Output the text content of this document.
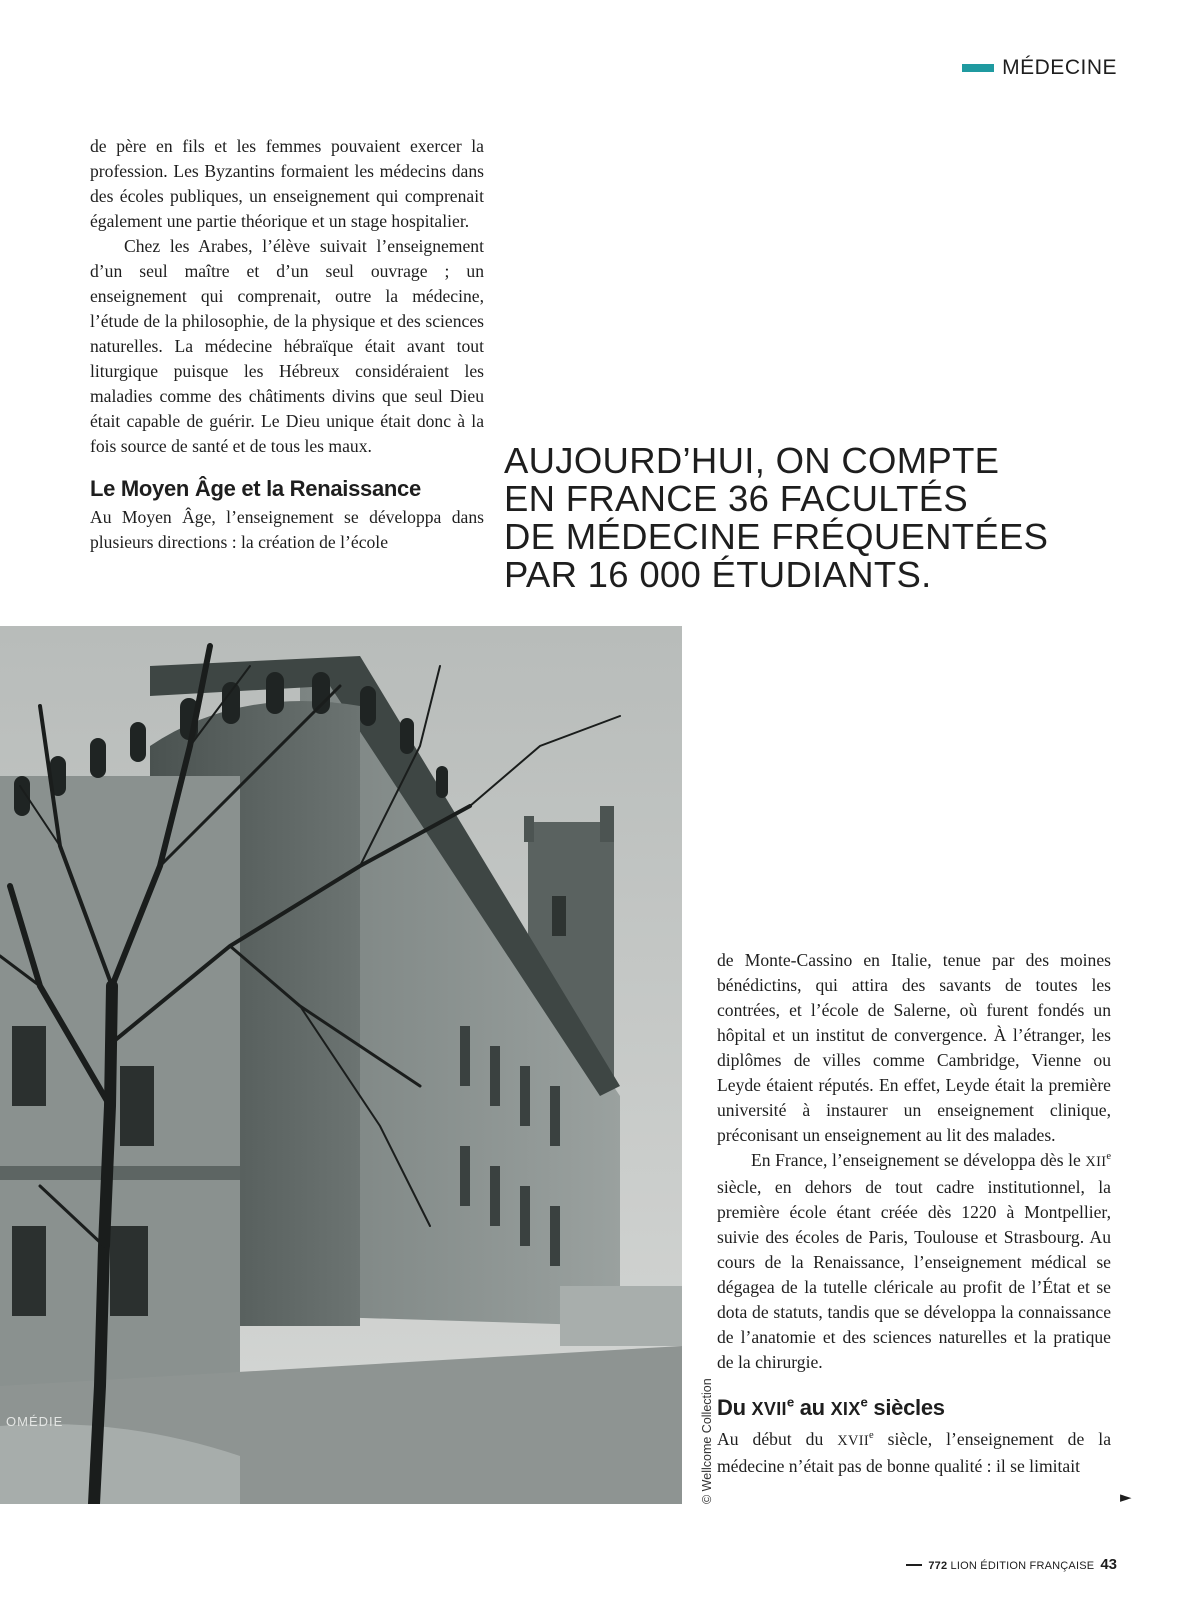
MÉDECINE

de père en fils et les femmes pouvaient exercer la profession. Les Byzantins formaient les médecins dans des écoles publiques, un enseignement qui comprenait également une partie théorique et un stage hospitalier.

Chez les Arabes, l’élève suivait l’enseignement d’un seul maître et d’un seul ouvrage ; un enseignement qui comprenait, outre la médecine, l’étude de la philosophie, de la physique et des sciences naturelles. La médecine hébraïque était avant tout liturgique puisque les Hébreux considéraient les maladies comme des châtiments divins que seul Dieu était capable de guérir. Le Dieu unique était donc à la fois source de santé et de tous les maux.

Le Moyen Âge et la Renaissance

Au Moyen Âge, l’enseignement se développa dans plusieurs directions : la création de l’école

AUJOURD’HUI, ON COMPTE
EN FRANCE 36 FACULTÉS
DE MÉDECINE FRÉQUENTÉES
PAR 16 000 ÉTUDIANTS.
OMÉDIE	© Wellcome Collection

de Monte-Cassino en Italie, tenue par des moines bénédictins, qui attira des savants de toutes les contrées, et l’école de Salerne, où furent fondés un hôpital et un institut de convergence. À l’étranger, les diplômes de villes comme Cambridge, Vienne ou Leyde étaient réputés. En effet, Leyde était la première université à instaurer un enseignement clinique, préconisant un enseignement au lit des malades.

En France, l’enseignement se développa dès le XIIe siècle, en dehors de tout cadre institutionnel, la première école étant créée dès 1220 à Montpellier, suivie des écoles de Paris, Toulouse et Strasbourg. Au cours de la Renaissance, l’enseignement médical se dégagea de la tutelle cléricale au profit de l’État et se dota de statuts, tandis que se développa la connaissance de l’anatomie et des sciences naturelles et la pratique de la chirurgie.

Du XVIIe au XIXe siècles

Au début du XVIIe siècle, l’enseignement de la médecine n’était pas de bonne qualité : il se limitait

►
772 LION ÉDITION FRANÇAISE 43
